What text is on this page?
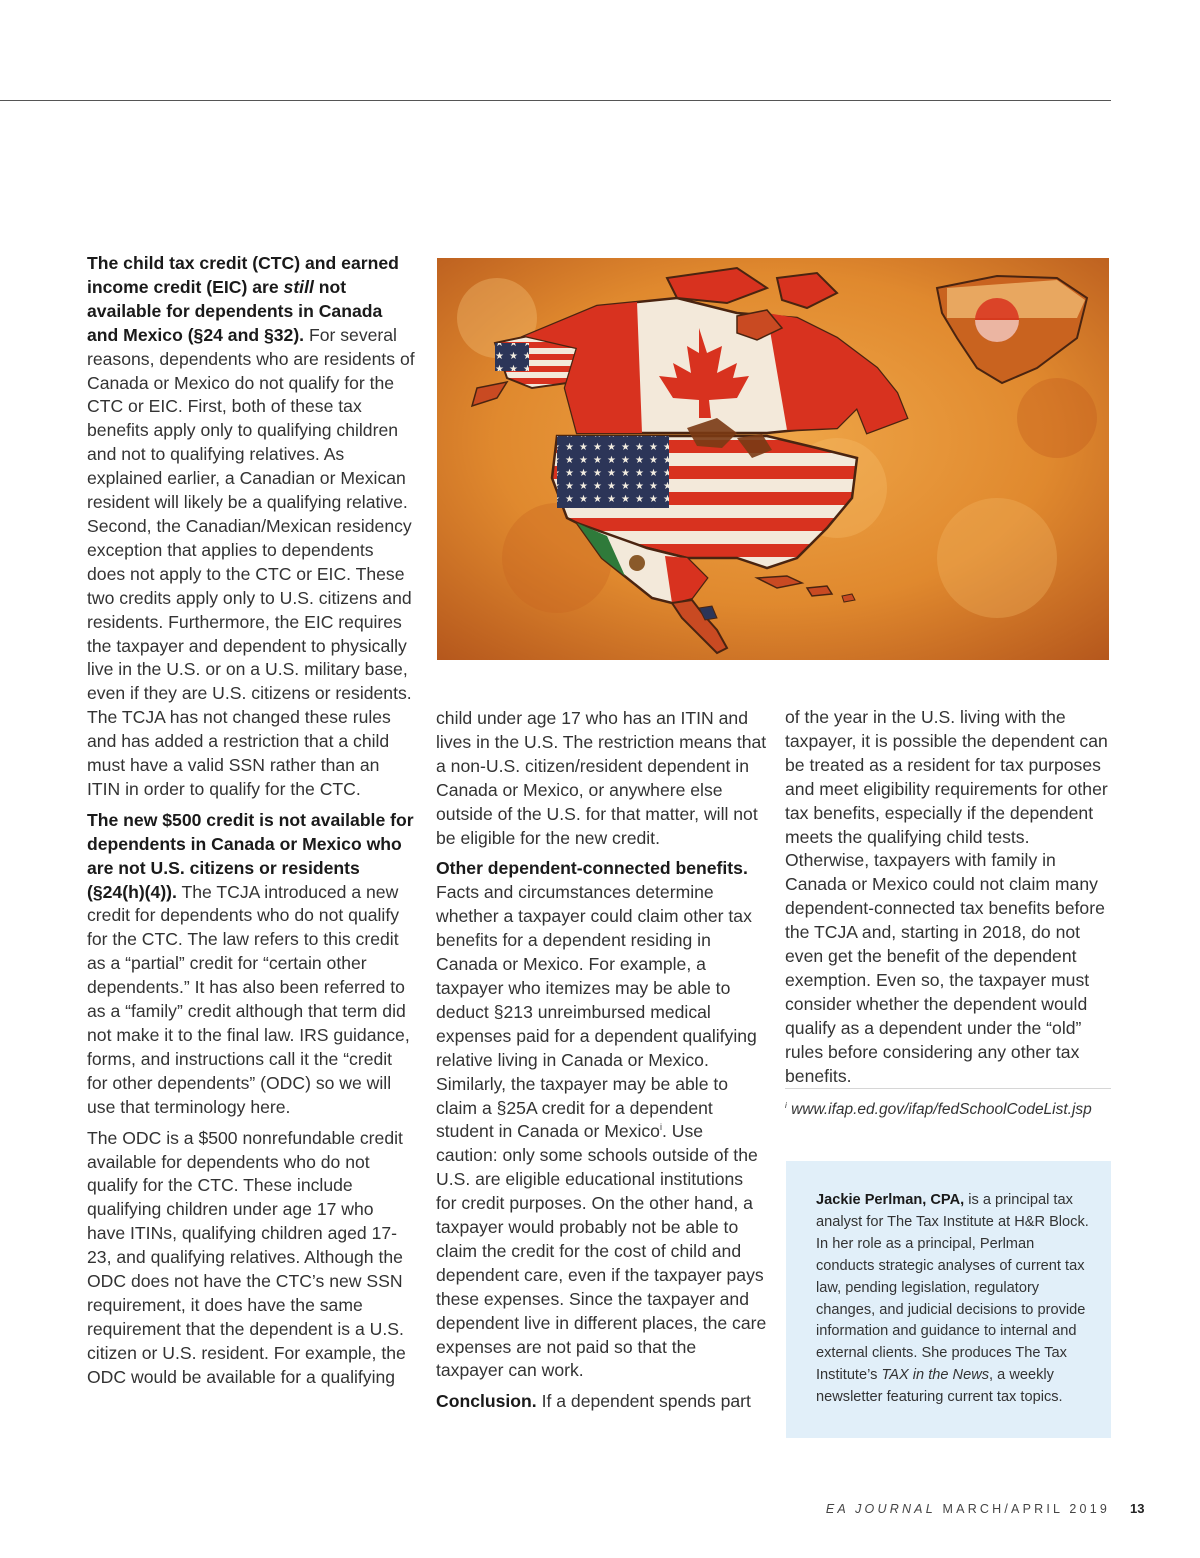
The child tax credit (CTC) and earned income credit (EIC) are still not available for dependents in Canada and Mexico (§24 and §32). For several reasons, dependents who are residents of Canada or Mexico do not qualify for the CTC or EIC. First, both of these tax benefits apply only to qualifying children and not to qualifying relatives. As explained earlier, a Canadian or Mexican resident will likely be a qualifying relative. Second, the Canadian/Mexican residency exception that applies to dependents does not apply to the CTC or EIC. These two credits apply only to U.S. citizens and residents. Furthermore, the EIC requires the taxpayer and dependent to physically live in the U.S. or on a U.S. military base, even if they are U.S. citizens or residents. The TCJA has not changed these rules and has added a restriction that a child must have a valid SSN rather than an ITIN in order to qualify for the CTC.

The new $500 credit is not available for dependents in Canada or Mexico who are not U.S. citizens or residents (§24(h)(4)). The TCJA introduced a new credit for dependents who do not qualify for the CTC. The law refers to this credit as a “partial” credit for “certain other dependents.” It has also been referred to as a “family” credit although that term did not make it to the final law. IRS guidance, forms, and instructions call it the “credit for other dependents” (ODC) so we will use that terminology here.

The ODC is a $500 nonrefundable credit available for dependents who do not qualify for the CTC. These include qualifying children under age 17 who have ITINs, qualifying children aged 17-23, and qualifying relatives. Although the ODC does not have the CTC’s new SSN requirement, it does have the same requirement that the dependent is a U.S. citizen or U.S. resident. For example, the ODC would be available for a qualifying

child under age 17 who has an ITIN and lives in the U.S. The restriction means that a non-U.S. citizen/resident dependent in Canada or Mexico, or anywhere else outside of the U.S. for that matter, will not be eligible for the new credit.

Other dependent-connected benefits. Facts and circumstances determine whether a taxpayer could claim other tax benefits for a dependent residing in Canada or Mexico. For example, a taxpayer who itemizes may be able to deduct §213 unreimbursed medical expenses paid for a dependent qualifying relative living in Canada or Mexico. Similarly, the taxpayer may be able to claim a §25A credit for a dependent student in Canada or Mexico$^i$. Use caution: only some schools outside of the U.S. are eligible educational institutions for credit purposes. On the other hand, a taxpayer would probably not be able to claim the credit for the cost of child and dependent care, even if the taxpayer pays these expenses. Since the taxpayer and dependent live in different places, the care expenses are not paid so that the taxpayer can work.

Conclusion. If a dependent spends part

of the year in the U.S. living with the taxpayer, it is possible the dependent can be treated as a resident for tax purposes and meet eligibility requirements for other tax benefits, especially if the dependent meets the qualifying child tests. Otherwise, taxpayers with family in Canada or Mexico could not claim many dependent-connected tax benefits before the TCJA and, starting in 2018, do not even get the benefit of the dependent exemption. Even so, the taxpayer must consider whether the dependent would qualify as a dependent under the “old” rules before considering any other tax benefits.

$^i$ www.ifap.ed.gov/ifap/fedSchoolCodeList.jsp
Jackie Perlman, CPA, is a principal tax analyst for The Tax Institute at H&R Block. In her role as a principal, Perlman conducts strategic analyses of current tax law, pending legislation, regulatory changes, and judicial decisions to provide information and guidance to internal and external clients. She produces The Tax Institute’s TAX in the News, a weekly newsletter featuring current tax topics.
EA JOURNAL MARCH/APRIL 2019 13
